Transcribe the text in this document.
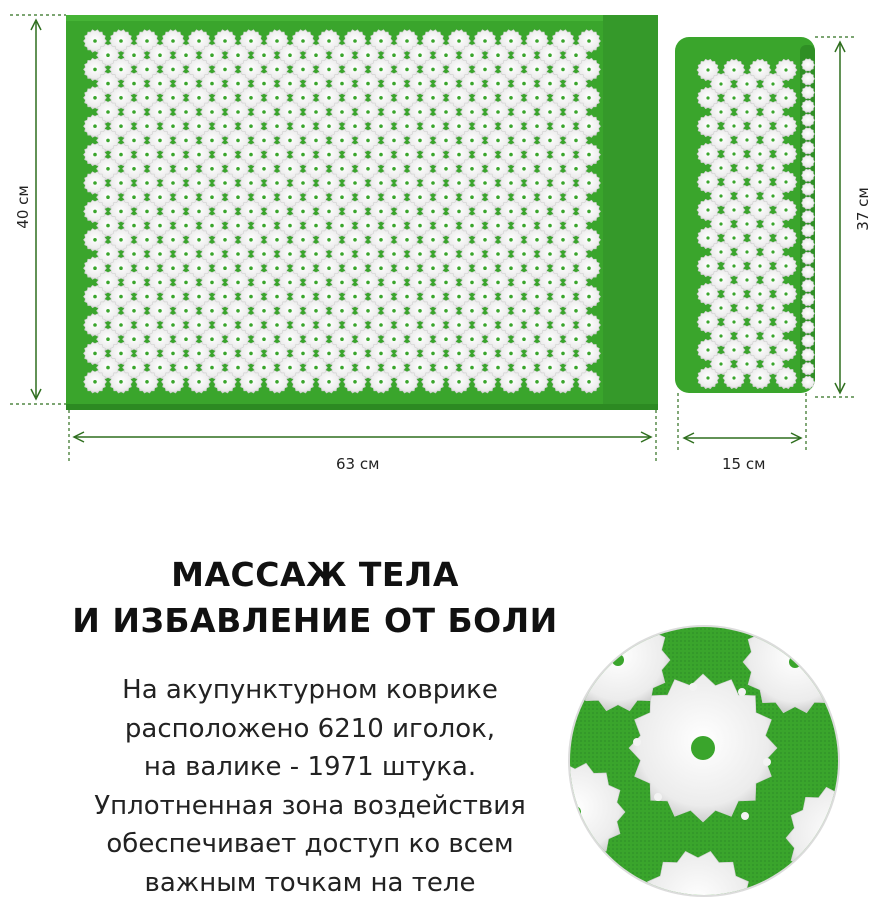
40 см
63 см
37 см
15 см
МАССАЖ ТЕЛА
И ИЗБАВЛЕНИЕ ОТ БОЛИ
На акупунктурном коврике
расположено 6210 иголок,
на валике - 1971 штука.
Уплотненная зона воздействия
обеспечивает доступ ко всем
важным точкам на теле
